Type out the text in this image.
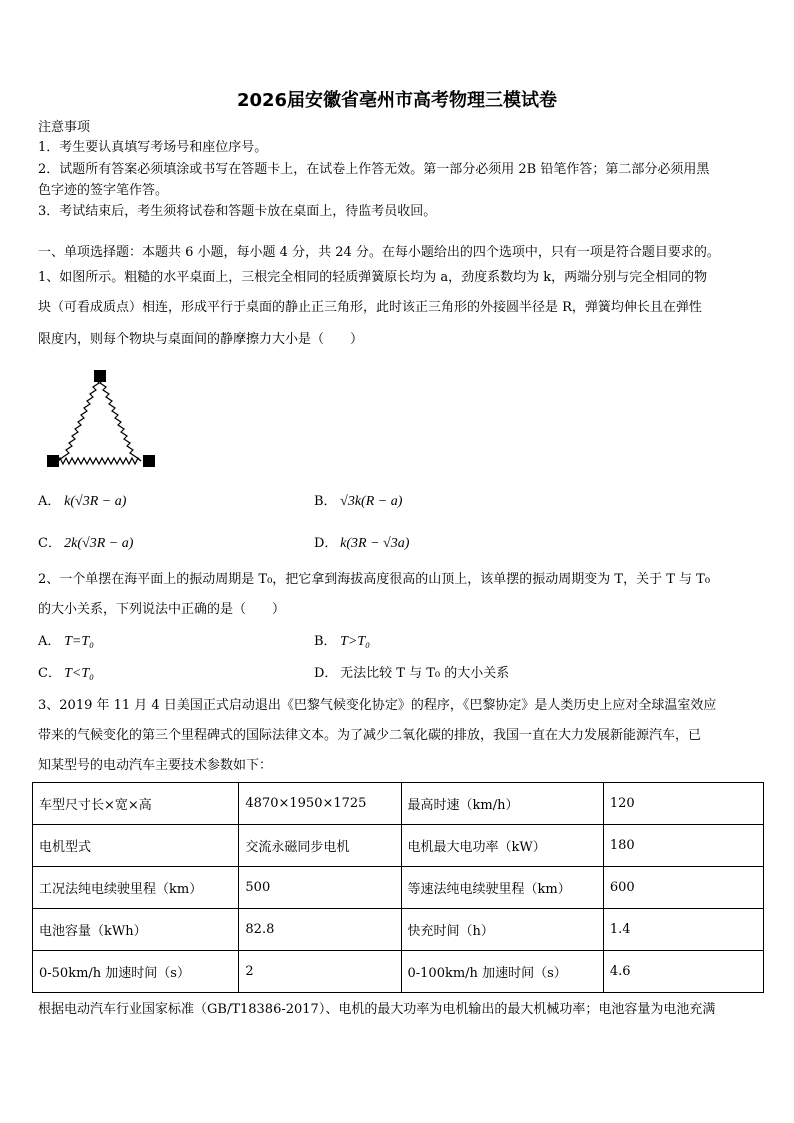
2026届安徽省亳州市高考物理三模试卷
注意事项
1．考生要认真填写考场号和座位序号。
2．试题所有答案必须填涂或书写在答题卡上，在试卷上作答无效。第一部分必须用 2B 铅笔作答；第二部分必须用黑
色字迹的签字笔作答。
3．考试结束后，考生须将试卷和答题卡放在桌面上，待监考员收回。
一、单项选择题：本题共 6 小题，每小题 4 分，共 24 分。在每小题给出的四个选项中，只有一项是符合题目要求的。
1、如图所示。粗糙的水平桌面上，三根完全相同的轻质弹簧原长均为 a，劲度系数均为 k，两端分别与完全相同的物
块（可看成质点）相连，形成平行于桌面的静止正三角形，此时该正三角形的外接圆半径是 R，弹簧均伸长且在弹性
限度内，则每个物块与桌面间的静摩擦力大小是（　　）
A． k(√3R − a)	B． √3k(R − a)
C． 2k(√3R − a)	D． k(3R − √3a)
2、一个单摆在海平面上的振动周期是 T₀，把它拿到海拔高度很高的山顶上，该单摆的振动周期变为 T，关于 T 与 T₀
的大小关系，下列说法中正确的是（　　）
A． T=T₀	B． T>T₀
C． T<T₀	D． 无法比较 T 与 T₀ 的大小关系
3、2019 年 11 月 4 日美国正式启动退出《巴黎气候变化协定》的程序，《巴黎协定》是人类历史上应对全球温室效应
带来的气候变化的第三个里程碑式的国际法律文本。为了减少二氧化碳的排放，我国一直在大力发展新能源汽车，已
知某型号的电动汽车主要技术参数如下：
车型尺寸长×宽×高	4870×1950×1725	最高时速（km/h）	120
电机型式	交流永磁同步电机	电机最大电功率（kW）	180
工况法纯电续驶里程（km）	500	等速法纯电续驶里程（km）	600
电池容量（kWh）	82.8	快充时间（h）	1.4
0-50km/h 加速时间（s）	2	0-100km/h 加速时间（s）	4.6
根据电动汽车行业国家标准（GB/T18386-2017）、电机的最大功率为电机输出的最大机械功率；电池容量为电池充满
